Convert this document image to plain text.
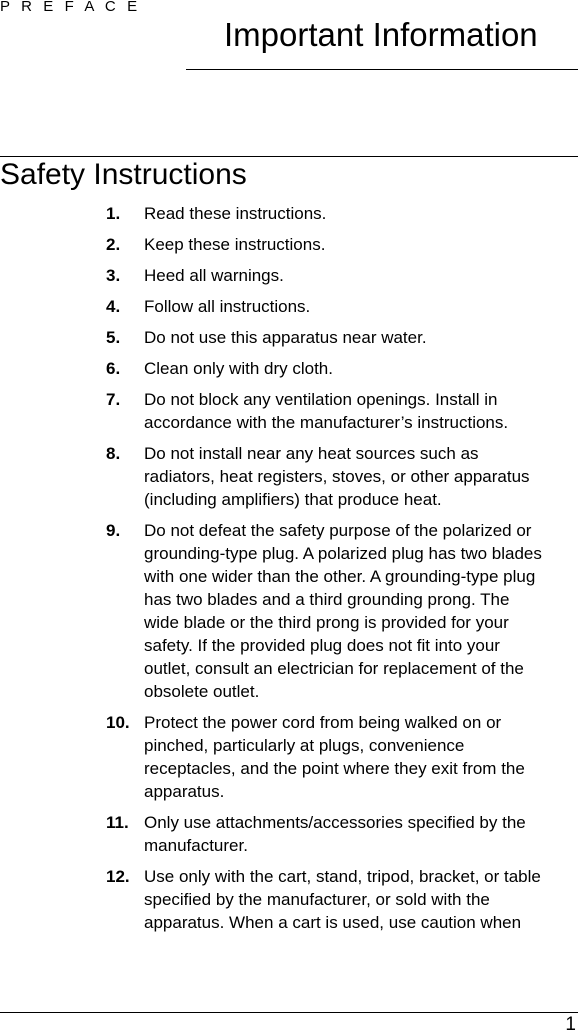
P R E F A C E
Important Information
Safety Instructions
1.	Read these instructions.
2.	Keep these instructions.
3.	Heed all warnings.
4.	Follow all instructions.
5.	Do not use this apparatus near water.
6.	Clean only with dry cloth.
7.	Do not block any ventilation openings. Install in
accordance with the manufacturer’s instructions.
8.	Do not install near any heat sources such as
radiators, heat registers, stoves, or other apparatus
(including amplifiers) that produce heat.
9.	Do not defeat the safety purpose of the polarized or
grounding-type plug. A polarized plug has two blades
with one wider than the other. A grounding-type plug
has two blades and a third grounding prong. The
wide blade or the third prong is provided for your
safety. If the provided plug does not fit into your
outlet, consult an electrician for replacement of the
obsolete outlet.
10. Protect the power cord from being walked on or
pinched, particularly at plugs, convenience
receptacles, and the point where they exit from the
apparatus.
11. Only use attachments/accessories specified by the
manufacturer.
12. Use only with the cart, stand, tripod, bracket, or table
specified by the manufacturer, or sold with the
apparatus. When a cart is used, use caution when
1
